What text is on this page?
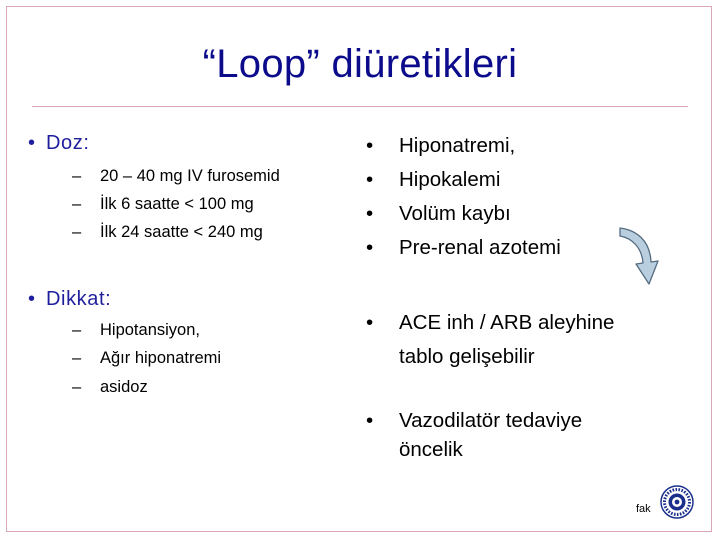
“Loop” diüretikleri
• Doz:
– 20 – 40 mg IV furosemid
– İlk 6 saatte < 100 mg
– İlk 24 saatte < 240 mg
• Dikkat:
– Hipotansiyon,
– Ağır hiponatremi
– asidoz
• Hiponatremi,
• Hipokalemi
• Volüm kaybı
• Pre-renal azotemi
• ACE inh / ARB aleyhine
tablo gelişebilir
• Vazodilatör tedaviye
öncelik
fak
